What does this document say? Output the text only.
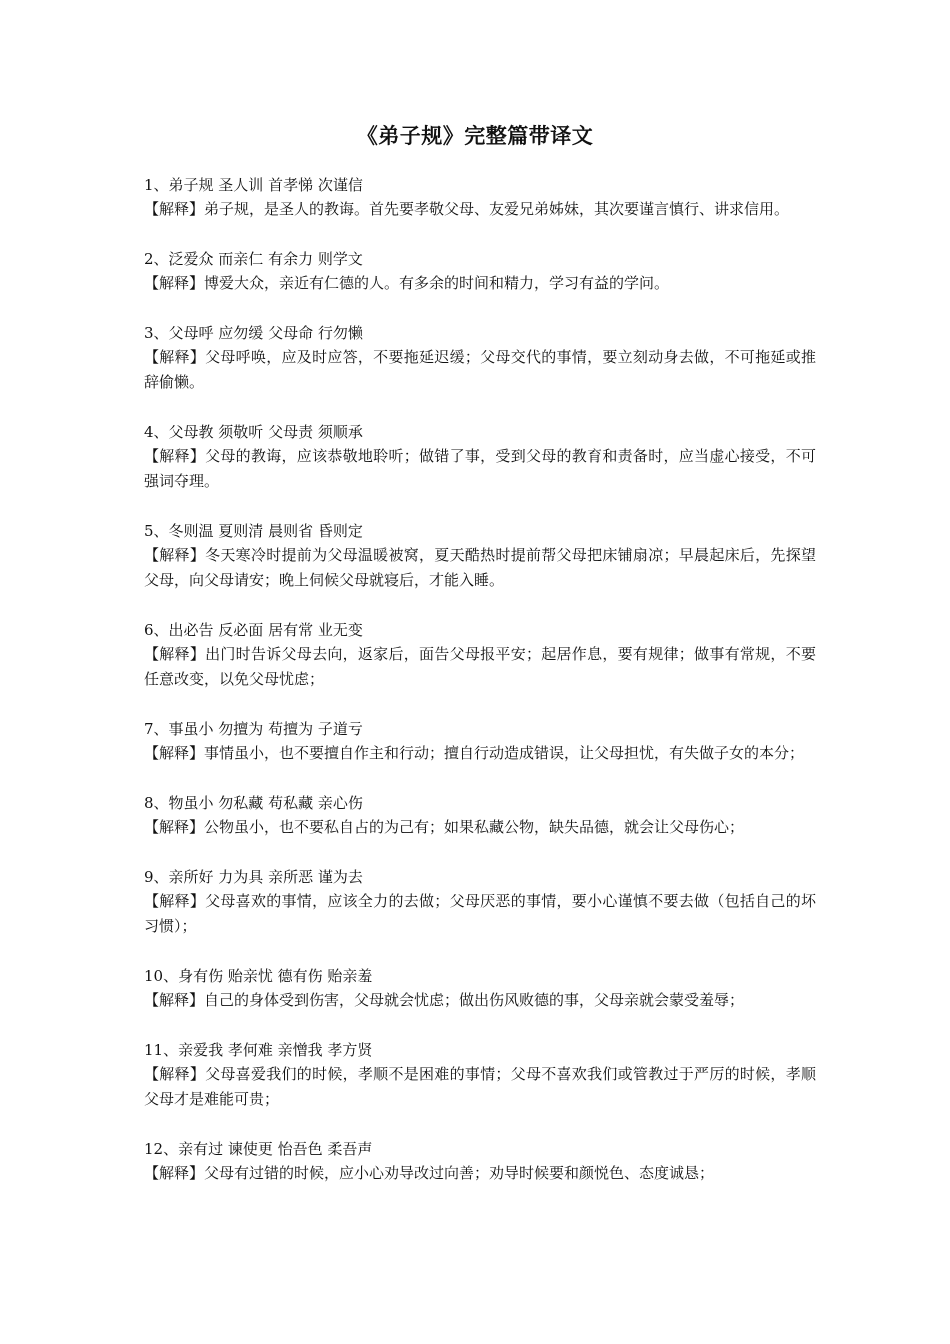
《弟子规》完整篇带译文
1、弟子规 圣人训 首孝悌 次谨信
【解释】弟子规，是圣人的教诲。首先要孝敬父母、友爱兄弟姊妹，其次要谨言慎行、讲求信用。
2、泛爱众 而亲仁 有余力 则学文
【解释】博爱大众，亲近有仁德的人。有多余的时间和精力，学习有益的学问。
3、父母呼 应勿缓 父母命 行勿懒
【解释】父母呼唤，应及时应答，不要拖延迟缓；父母交代的事情，要立刻动身去做，不可拖延或推辞偷懒。
4、父母教 须敬听 父母责 须顺承
【解释】父母的教诲，应该恭敬地聆听；做错了事，受到父母的教育和责备时，应当虚心接受，不可强词夺理。
5、冬则温 夏则清 晨则省 昏则定
【解释】冬天寒冷时提前为父母温暖被窝，夏天酷热时提前帮父母把床铺扇凉；早晨起床后，先探望父母，向父母请安；晚上伺候父母就寝后，才能入睡。
6、出必告 反必面 居有常 业无变
【解释】出门时告诉父母去向，返家后，面告父母报平安；起居作息，要有规律；做事有常规，不要任意改变，以免父母忧虑；
7、事虽小 勿擅为 苟擅为 子道亏
【解释】事情虽小，也不要擅自作主和行动；擅自行动造成错误，让父母担忧，有失做子女的本分；
8、物虽小 勿私藏 苟私藏 亲心伤
【解释】公物虽小，也不要私自占的为己有；如果私藏公物，缺失品德，就会让父母伤心；
9、亲所好 力为具 亲所恶 谨为去
【解释】父母喜欢的事情，应该全力的去做；父母厌恶的事情，要小心谨慎不要去做（包括自己的坏习惯）；
10、身有伤 贻亲忧 德有伤 贻亲羞
【解释】自己的身体受到伤害，父母就会忧虑；做出伤风败德的事，父母亲就会蒙受羞辱；
11、亲爱我 孝何难 亲憎我 孝方贤
【解释】父母喜爱我们的时候，孝顺不是困难的事情；父母不喜欢我们或管教过于严厉的时候，孝顺父母才是难能可贵；
12、亲有过 谏使更 怡吾色 柔吾声
【解释】父母有过错的时候，应小心劝导改过向善；劝导时候要和颜悦色、态度诚恳；
